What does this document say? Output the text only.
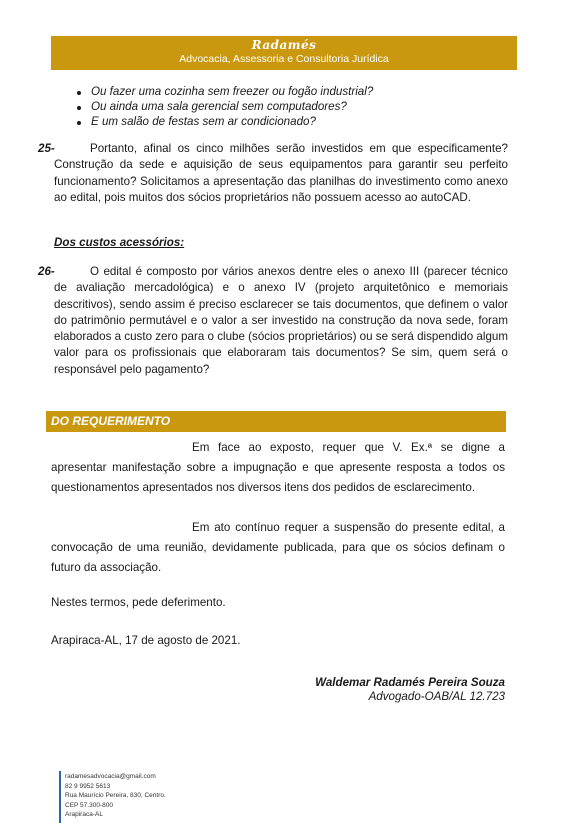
Radamés
Advocacia, Assessoria e Consultoria Jurídica
Ou fazer uma cozinha sem freezer ou fogão industrial?
Ou ainda uma sala gerencial sem computadores?
E um salão de festas sem ar condicionado?
25-	Portanto, afinal os cinco milhões serão investidos em que especificamente? Construção da sede e aquisição de seus equipamentos para garantir seu perfeito funcionamento? Solicitamos a apresentação das planilhas do investimento como anexo ao edital, pois muitos dos sócios proprietários não possuem acesso ao autoCAD.
Dos custos acessórios:
26-	O edital é composto por vários anexos dentre eles o anexo III (parecer técnico de avaliação mercadológica) e o anexo IV (projeto arquitetônico e memoriais descritivos), sendo assim é preciso esclarecer se tais documentos, que definem o valor do patrimônio permutável e o valor a ser investido na construção da nova sede, foram elaborados a custo zero para o clube (sócios proprietários) ou se será dispendido algum valor para os profissionais que elaboraram tais documentos? Se sim, quem será o responsável pelo pagamento?
DO REQUERIMENTO
Em face ao exposto, requer que V. Ex.ª se digne a apresentar manifestação sobre a impugnação e que apresente resposta a todos os questionamentos apresentados nos diversos itens dos pedidos de esclarecimento.
Em ato contínuo requer a suspensão do presente edital, a convocação de uma reunião, devidamente publicada, para que os sócios definam o futuro da associação.
Nestes termos, pede deferimento.
Arapiraca-AL, 17 de agosto de 2021.
Waldemar Radamés Pereira Souza
Advogado-OAB/AL 12.723
radamesadvocacia@gmail.com
82 9 9952 5613
Rua Maurício Pereira, 830, Centro.
CEP 57.300-800
Arapiraca-AL
